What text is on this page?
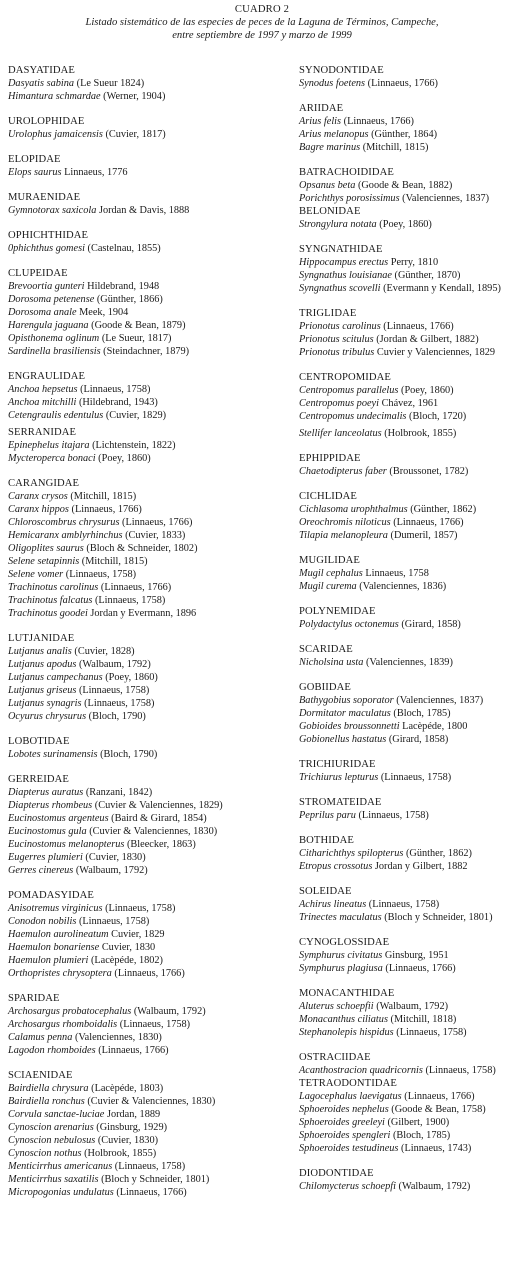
CUADRO 2
Listado sistemático de las especies de peces de la Laguna de Términos, Campeche,
entre septiembre de 1997 y marzo de 1999
DASYATIDAE
Dasyatis sabina (Le Sueur 1824)
Himantura schmardae (Werner, 1904)
UROLOPHIDAE
Urolophus jamaicensis (Cuvier, 1817)
ELOPIDAE
Elops saurus Linnaeus, 1776
MURAENIDAE
Gymnotorax saxicola Jordan & Davis, 1888
OPHICHTHIDAE
0phichthus gomesi (Castelnau, 1855)
CLUPEIDAE
Brevoortia gunteri Hildebrand, 1948
Dorosoma petenense (Günther, 1866)
Dorosoma anale Meek, 1904
Harengula jaguana (Goode & Bean, 1879)
Opisthonema oglinum (Le Sueur, 1817)
Sardinella brasiliensis (Steindachner, 1879)
ENGRAULIDAE
Anchoa hepsetus (Linnaeus, 1758)
Anchoa mitchilli (Hildebrand, 1943)
Cetengraulis edentulus (Cuvier, 1829)
SERRANIDAE
Epinephelus itajara (Lichtenstein, 1822)
Mycteroperca bonaci (Poey, 1860)
CARANGIDAE
Caranx crysos (Mitchill, 1815)
Caranx hippos (Linnaeus, 1766)
Chloroscombrus chrysurus (Linnaeus, 1766)
Hemicaranx amblyrhinchus (Cuvier, 1833)
Oligoplites saurus (Bloch & Schneider, 1802)
Selene setapinnis (Mitchill, 1815)
Selene vomer (Linnaeus, 1758)
Trachinotus carolinus (Linnaeus, 1766)
Trachinotus falcatus (Linnaeus, 1758)
Trachinotus goodei Jordan y Evermann, 1896
LUTJANIDAE
Lutjanus analis (Cuvier, 1828)
Lutjanus apodus (Walbaum, 1792)
Lutjanus campechanus (Poey, 1860)
Lutjanus griseus (Linnaeus, 1758)
Lutjanus synagris (Linnaeus, 1758)
Ocyurus chrysurus (Bloch, 1790)
LOBOTIDAE
Lobotes surinamensis (Bloch, 1790)
GERREIDAE
Diapterus auratus (Ranzani, 1842)
Diapterus rhombeus (Cuvier & Valenciennes, 1829)
Eucinostomus argenteus (Baird & Girard, 1854)
Eucinostomus gula (Cuvier & Valenciennes, 1830)
Eucinostomus melanopterus (Bleecker, 1863)
Eugerres plumieri (Cuvier, 1830)
Gerres cinereus (Walbaum, 1792)
POMADASYIDAE
Anisotremus virginicus (Linnaeus, 1758)
Conodon nobilis (Linnaeus, 1758)
Haemulon aurolineatum Cuvier, 1829
Haemulon bonariense Cuvier, 1830
Haemulon plumieri (Lacèpéde, 1802)
Orthopristes chrysoptera (Linnaeus, 1766)
SPARIDAE
Archosargus probatocephalus (Walbaum, 1792)
Archosargus rhomboidalis (Linnaeus, 1758)
Calamus penna (Valenciennes, 1830)
Lagodon rhomboides (Linnaeus, 1766)
SCIAENIDAE
Bairdiella chrysura (Lacèpéde, 1803)
Bairdiella ronchus (Cuvier & Valenciennes, 1830)
Corvula sanctae-luciae Jordan, 1889
Cynoscion arenarius (Ginsburg, 1929)
Cynoscion nebulosus (Cuvier, 1830)
Cynoscion nothus (Holbrook, 1855)
Menticirrhus americanus (Linnaeus, 1758)
Menticirrhus saxatilis (Bloch y Schneider, 1801)
Micropogonias undulatus (Linnaeus, 1766)
SYNODONTIDAE
Synodus foetens (Linnaeus, 1766)
ARIIDAE
Arius felis (Linnaeus, 1766)
Arius melanopus (Günther, 1864)
Bagre marinus (Mitchill, 1815)
BATRACHOIDIDAE
Opsanus beta (Goode & Bean, 1882)
Porichthys porosissimus (Valenciennes, 1837)
BELONIDAE
Strongylura notata (Poey, 1860)
SYNGNATHIDAE
Hippocampus erectus Perry, 1810
Syngnathus louisianae (Günther, 1870)
Syngnathus scovelli (Evermann y Kendall, 1895)
TRIGLIDAE
Prionotus carolinus (Linnaeus, 1766)
Prionotus scitulus (Jordan & Gilbert, 1882)
Prionotus tribulus Cuvier y Valenciennes, 1829
CENTROPOMIDAE
Centropomus parallelus (Poey, 1860)
Centropomus poeyi Chávez, 1961
Centropomus undecimalis (Bloch, 1720)
Stellifer lanceolatus (Holbrook, 1855)
EPHIPPIDAE
Chaetodipterus faber (Broussonet, 1782)
CICHLIDAE
Cichlasoma urophthalmus (Günther, 1862)
Oreochromis niloticus (Linnaeus, 1766)
Tilapia melanopleura (Dumeril, 1857)
MUGILIDAE
Mugil cephalus Linnaeus, 1758
Mugil curema (Valenciennes, 1836)
POLYNEMIDAE
Polydactylus octonemus (Girard, 1858)
SCARIDAE
Nicholsina usta (Valenciennes, 1839)
GOBIIDAE
Bathygobius soporator (Valenciennes, 1837)
Dormitator maculatus (Bloch, 1785)
Gobioides broussonnetti Lacèpéde, 1800
Gobionellus hastatus (Girard, 1858)
TRICHIURIDAE
Trichiurus lepturus (Linnaeus, 1758)
STROMATEIDAE
Peprilus paru (Linnaeus, 1758)
BOTHIDAE
Citharichthys spilopterus (Günther, 1862)
Etropus crossotus Jordan y Gilbert, 1882
SOLEIDAE
Achirus lineatus (Linnaeus, 1758)
Trinectes maculatus (Bloch y Schneider, 1801)
CYNOGLOSSIDAE
Symphurus civitatus Ginsburg, 1951
Symphurus plagiusa (Linnaeus, 1766)
MONACANTHIDAE
Aluterus schoepfii (Walbaum, 1792)
Monacanthus ciliatus (Mitchill, 1818)
Stephanolepis hispidus (Linnaeus, 1758)
OSTRACIIDAE
Acanthostracion quadricornis (Linnaeus, 1758)
TETRAODONTIDAE
Lagocephalus laevigatus (Linnaeus, 1766)
Sphoeroides nephelus (Goode & Bean, 1758)
Sphoeroides greeleyi (Gilbert, 1900)
Sphoeroides spengleri (Bloch, 1785)
Sphoeroides testudineus (Linnaeus, 1743)
DIODONTIDAE
Chilomycterus schoepfi (Walbaum, 1792)
